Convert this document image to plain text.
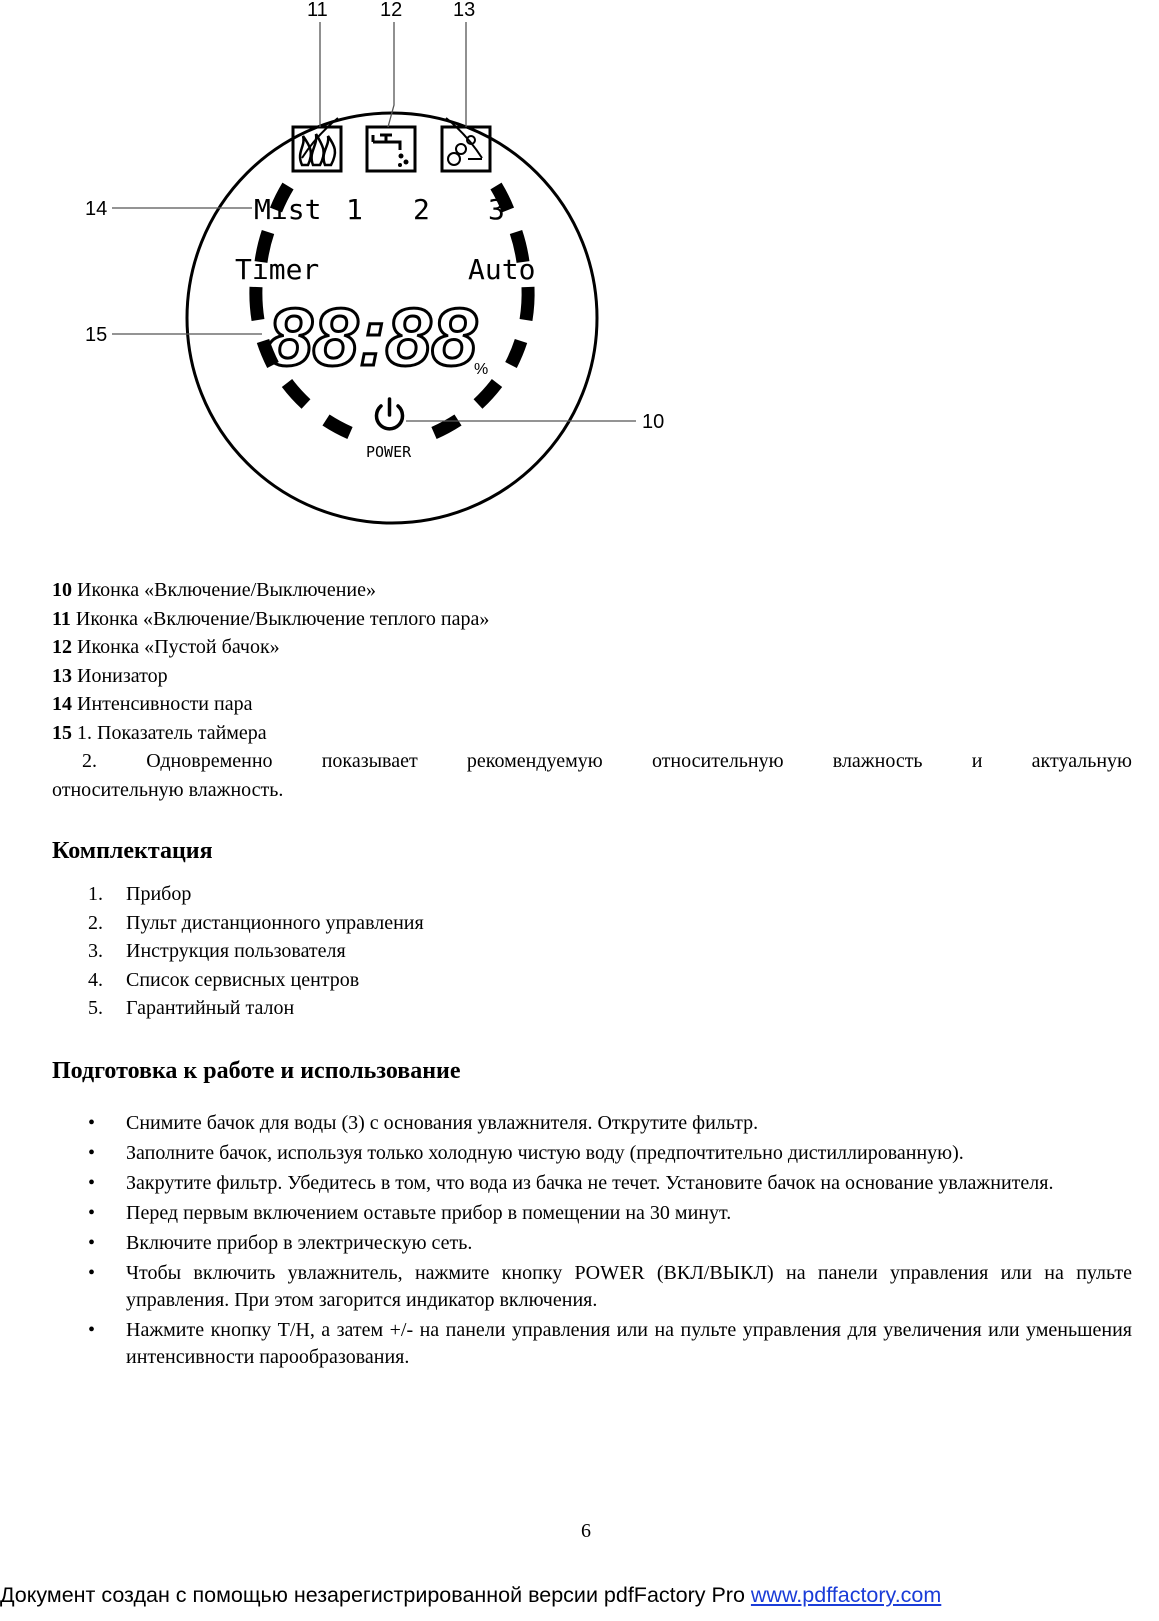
Mist 1 2 3
Timer	Auto
88:88
%
POWER
11	12	13
14
15
10
10 Иконка «Включение/Выключение»
11 Иконка «Включение/Выключение теплого пара»
12 Иконка «Пустой бачок»
13 Ионизатор
14 Интенсивности пара
15 1. Показатель таймера
2. Одновременно показывает рекомендуемую относительную влажность и актуальную
относительную влажность.
Комплектация
1. Прибор
2. Пульт дистанционного управления
3. Инструкция пользователя
4. Список сервисных центров
5. Гарантийный талон
Подготовка к работе и использование
• Снимите бачок для воды (3) с основания увлажнителя. Открутите фильтр.
• Заполните бачок, используя только холодную чистую воду (предпочтительно дистиллированную).
• Закрутите фильтр. Убедитесь в том, что вода из бачка не течет. Установите бачок на основание увлажнителя.
• Перед первым включением оставьте прибор в помещении на 30 минут.
• Включите прибор в электрическую сеть.
• Чтобы включить увлажнитель, нажмите кнопку POWER (ВКЛ/ВЫКЛ) на панели управления или на пульте управления. При этом загорится индикатор включения.
• Нажмите кнопку Т/Н, а затем +/- на панели управления или на пульте управления для увеличения или уменьшения интенсивности парообразования.
6
Документ создан с помощью незарегистрированной версии pdfFactory Pro www.pdffactory.com
